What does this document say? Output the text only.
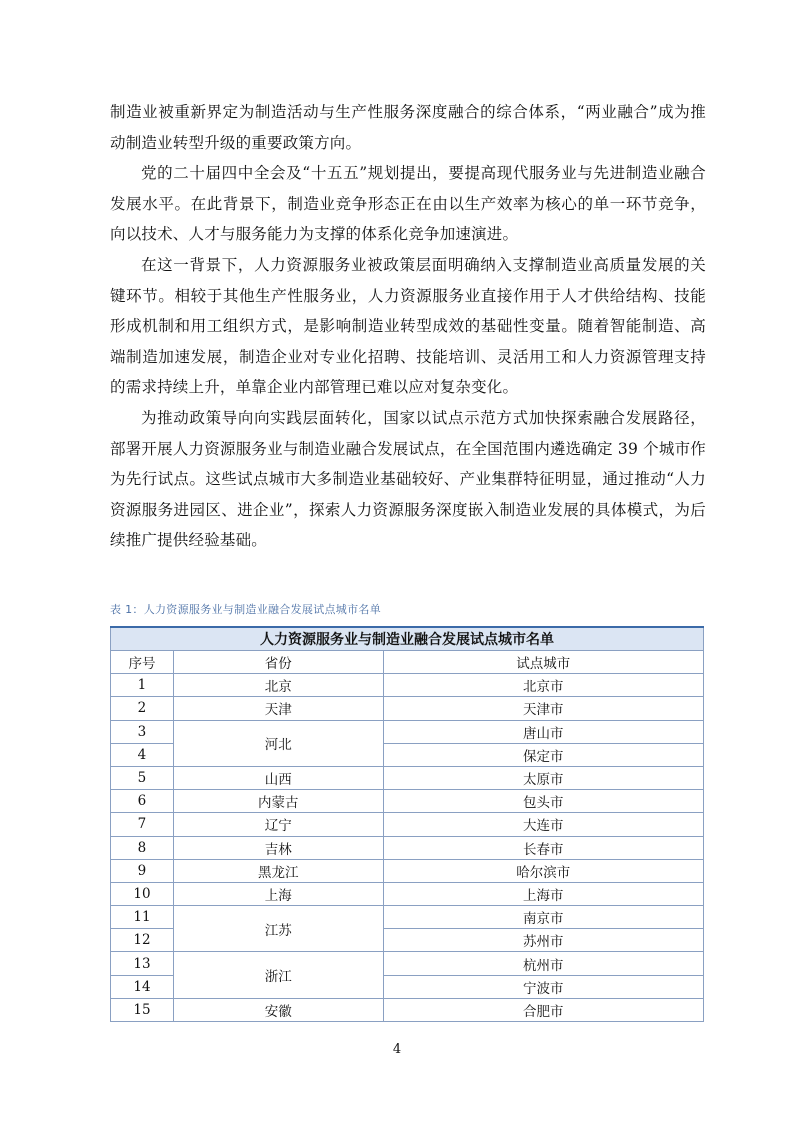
制造业被重新界定为制造活动与生产性服务深度融合的综合体系，“两业融合”成为推动制造业转型升级的重要政策方向。

党的二十届四中全会及“十五五”规划提出，要提高现代服务业与先进制造业融合发展水平。在此背景下，制造业竞争形态正在由以生产效率为核心的单一环节竞争，向以技术、人才与服务能力为支撑的体系化竞争加速演进。

在这一背景下，人力资源服务业被政策层面明确纳入支撑制造业高质量发展的关键环节。相较于其他生产性服务业，人力资源服务业直接作用于人才供给结构、技能形成机制和用工组织方式，是影响制造业转型成效的基础性变量。随着智能制造、高端制造加速发展，制造企业对专业化招聘、技能培训、灵活用工和人力资源管理支持的需求持续上升，单靠企业内部管理已难以应对复杂变化。

为推动政策导向向实践层面转化，国家以试点示范方式加快探索融合发展路径，部署开展人力资源服务业与制造业融合发展试点，在全国范围内遴选确定 39 个城市作为先行试点。这些试点城市大多制造业基础较好、产业集群特征明显，通过推动“人力资源服务进园区、进企业”，探索人力资源服务深度嵌入制造业发展的具体模式，为后续推广提供经验基础。

表 1：人力资源服务业与制造业融合发展试点城市名单
人力资源服务业与制造业融合发展试点城市名单		
序号	省份	试点城市
1	北京	北京市
2	天津	天津市
3	河北	唐山市
4		保定市
5	山西	太原市
6	内蒙古	包头市
7	辽宁	大连市
8	吉林	长春市
9	黑龙江	哈尔滨市
10	上海	上海市
11	江苏	南京市
12		苏州市
13	浙江	杭州市
14		宁波市
15	安徽	合肥市
4
